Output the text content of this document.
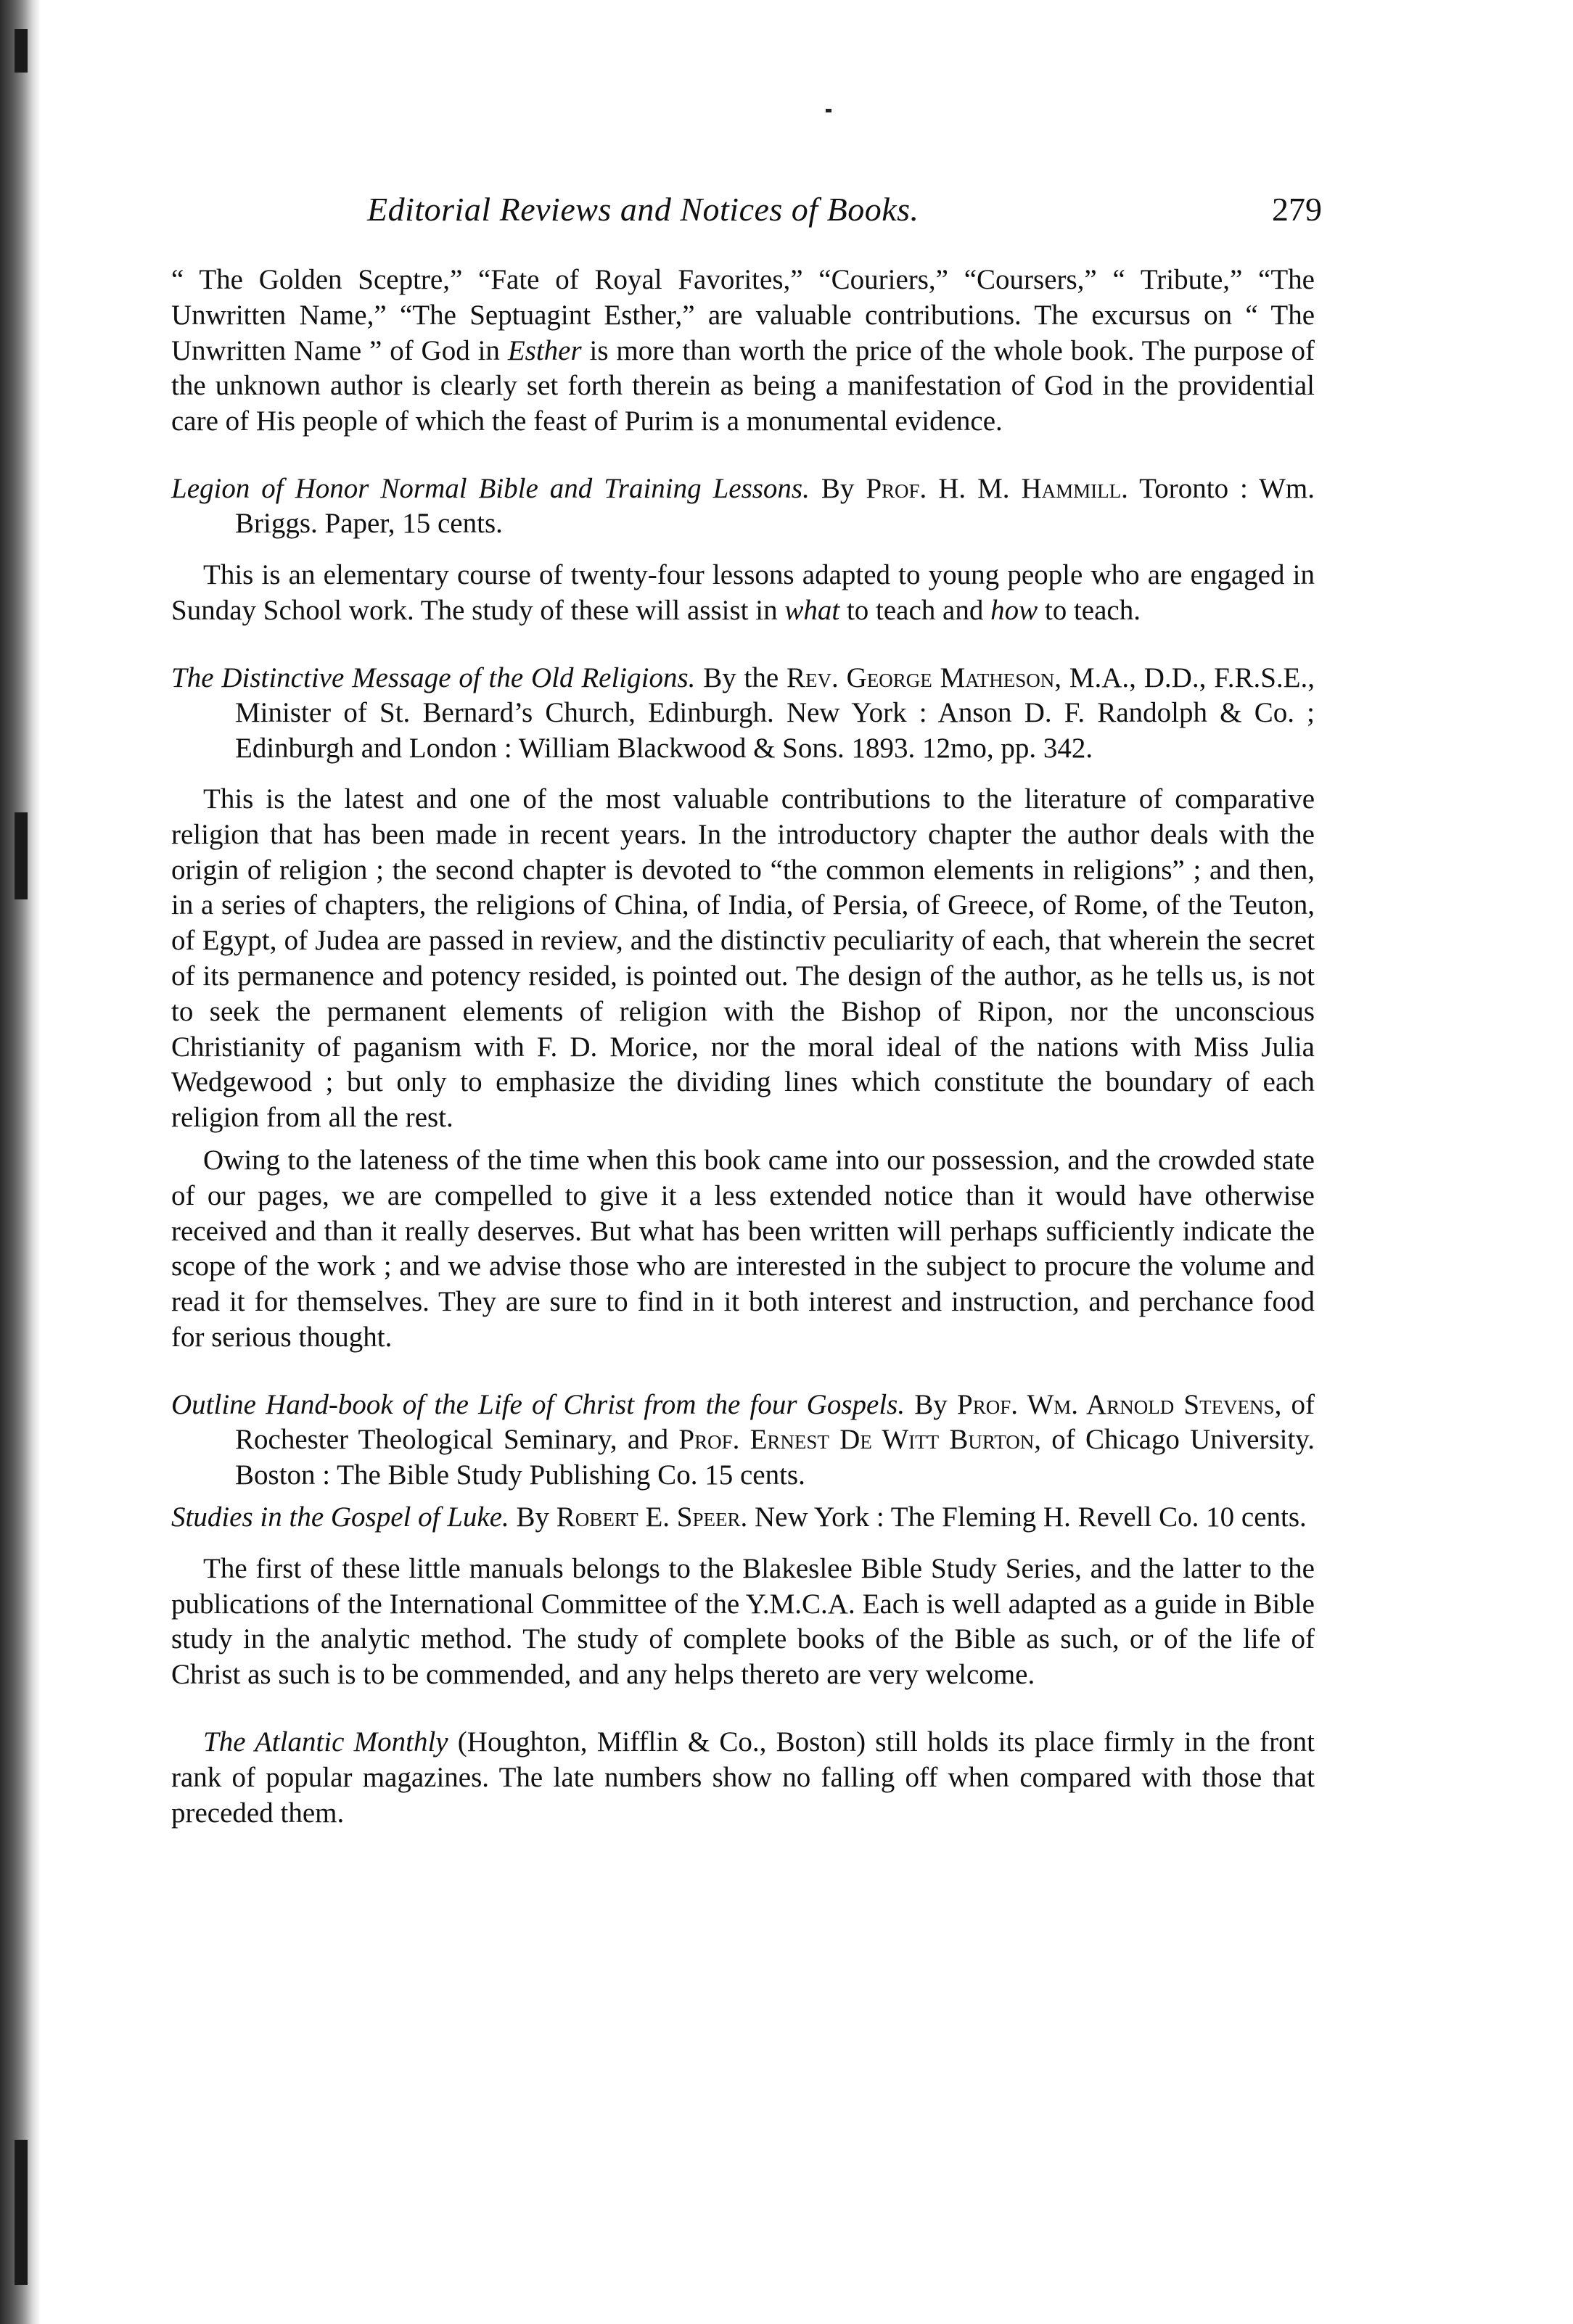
Editorial Reviews and Notices of Books.	279

“ The Golden Sceptre,” “Fate of Royal Favorites,” “Couriers,” “Coursers,” “ Tribute,” “The Unwritten Name,” “The Septuagint Esther,” are valuable contributions. The excursus on “ The Unwritten Name ” of God in Esther is more than worth the price of the whole book. The purpose of the unknown author is clearly set forth therein as being a manifestation of God in the providential care of His people of which the feast of Purim is a monumental evidence.

Legion of Honor Normal Bible and Training Lessons. By Prof. H. M. Hammill. Toronto : Wm. Briggs. Paper, 15 cents.

This is an elementary course of twenty-four lessons adapted to young people who are engaged in Sunday School work. The study of these will assist in what to teach and how to teach.

The Distinctive Message of the Old Religions. By the Rev. George Matheson, M.A., D.D., F.R.S.E., Minister of St. Bernard’s Church, Edinburgh. New York : Anson D. F. Randolph & Co. ; Edinburgh and London : William Blackwood & Sons. 1893. 12mo, pp. 342.

This is the latest and one of the most valuable contributions to the literature of comparative religion that has been made in recent years. In the introductory chapter the author deals with the origin of religion ; the second chapter is devoted to “the common elements in religions” ; and then, in a series of chapters, the religions of China, of India, of Persia, of Greece, of Rome, of the Teuton, of Egypt, of Judea are passed in review, and the distinctiv peculiarity of each, that wherein the secret of its permanence and potency resided, is pointed out. The design of the author, as he tells us, is not to seek the permanent elements of religion with the Bishop of Ripon, nor the unconscious Christianity of paganism with F. D. Morice, nor the moral ideal of the nations with Miss Julia Wedgewood ; but only to emphasize the dividing lines which constitute the boundary of each religion from all the rest.

Owing to the lateness of the time when this book came into our possession, and the crowded state of our pages, we are compelled to give it a less extended notice than it would have otherwise received and than it really deserves. But what has been written will perhaps sufficiently indicate the scope of the work ; and we advise those who are interested in the subject to procure the volume and read it for themselves. They are sure to find in it both interest and instruction, and perchance food for serious thought.

Outline Hand-book of the Life of Christ from the four Gospels. By Prof. Wm. Arnold Stevens, of Rochester Theological Seminary, and Prof. Ernest De Witt Burton, of Chicago University. Boston : The Bible Study Publishing Co. 15 cents.

Studies in the Gospel of Luke. By Robert E. Speer. New York : The Fleming H. Revell Co. 10 cents.

The first of these little manuals belongs to the Blakeslee Bible Study Series, and the latter to the publications of the International Committee of the Y.M.C.A. Each is well adapted as a guide in Bible study in the analytic method. The study of complete books of the Bible as such, or of the life of Christ as such is to be commended, and any helps thereto are very welcome.

The Atlantic Monthly (Houghton, Mifflin & Co., Boston) still holds its place firmly in the front rank of popular magazines. The late numbers show no falling off when compared with those that preceded them.
